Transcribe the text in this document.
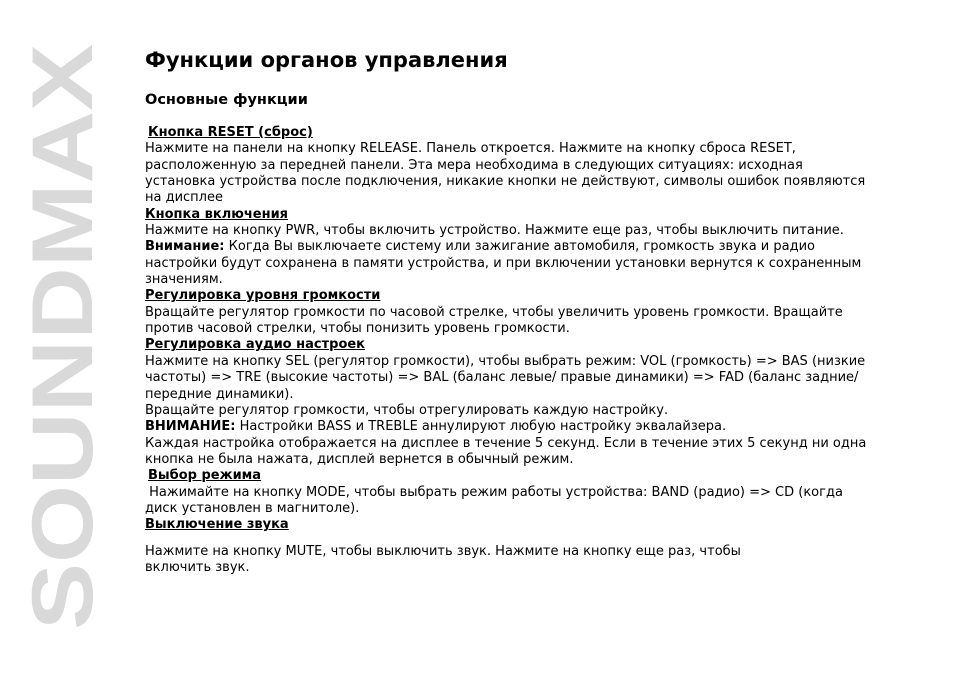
SOUNDMAX
Функции органов управления
Основные функции
Кнопка RESET (сброс)
Нажмите на панели на кнопку RELEASE. Панель откроется. Нажмите на кнопку сброса RESET,
расположенную за передней панели. Эта мера необходима в следующих ситуациях: исходная
установка устройства после подключения, никакие кнопки не действуют, символы ошибок появляются
на дисплее
Кнопка включения
Нажмите на кнопку PWR, чтобы включить устройство. Нажмите еще раз, чтобы выключить питание.
Внимание: Когда Вы выключаете систему или зажигание автомобиля, громкость звука и радио
настройки будут сохранена в памяти устройства, и при включении установки вернутся к сохраненным
значениям.
Регулировка уровня громкости
Вращайте регулятор громкости по часовой стрелке, чтобы увеличить уровень громкости. Вращайте
против часовой стрелки, чтобы понизить уровень громкости.
Регулировка аудио настроек
Нажмите на кнопку SEL (регулятор громкости), чтобы выбрать режим: VOL (громкость) => BAS (низкие
частоты) => TRE (высокие частоты) => BAL (баланс левые/ правые динамики) => FAD (баланс задние/
передние динамики).
Вращайте регулятор громкости, чтобы отрегулировать каждую настройку.
ВНИМАНИЕ: Настройки BASS и TREBLE аннулируют любую настройку эквалайзера.
Каждая настройка отображается на дисплее в течение 5 секунд. Если в течение этих 5 секунд ни одна
кнопка не была нажата, дисплей вернется в обычный режим.
Выбор режима
Нажимайте на кнопку MODE, чтобы выбрать режим работы устройства: BAND (радио) => CD (когда
диск установлен в магнитоле).
Выключение звука
Нажмите на кнопку MUTE, чтобы выключить звук. Нажмите на кнопку еще раз, чтобы
включить звук.
